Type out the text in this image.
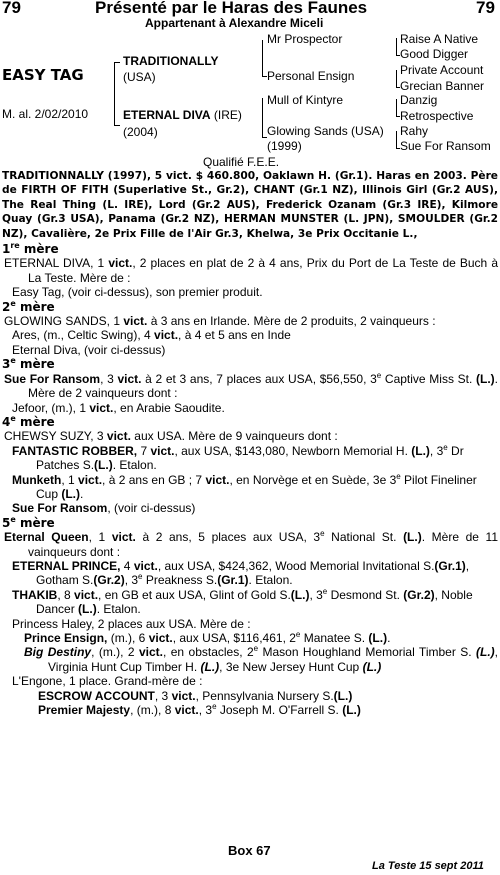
79	Présenté par le Haras des Faunes	79
Appartenant à Alexandre Miceli
EASY TAG
M. al. 2/02/2010
TRADITIONALLY
(USA)
ETERNAL DIVA (IRE)
(2004)
Mr Prospector
Personal Ensign
Mull of Kintyre
Glowing Sands (USA)
(1999)
Raise A Native
Good Digger
Private Account
Grecian Banner
Danzig
Retrospective
Rahy
Sue For Ransom
Qualifié F.E.E.

TRADITIONNALLY (1997), 5 vict. $ 460.800, Oaklawn H. (Gr.1). Haras en 2003. Père de FIRTH OF FITH (Superlative St., Gr.2), CHANT (Gr.1 NZ), Illinois Girl (Gr.2 AUS), The Real Thing (L. IRE), Lord (Gr.2 AUS), Frederick Ozanam (Gr.3 IRE), Kilmore Quay (Gr.3 USA), Panama (Gr.2 NZ), HERMAN MUNSTER (L. JPN), SMOULDER (Gr.2 NZ), Cavalière, 2e Prix Fille de l'Air Gr.3, Khelwa, 3e Prix Occitanie L.,

1re mère

ETERNAL DIVA, 1 vict., 2 places en plat de 2 à 4 ans, Prix du Port de La Teste de Buch à La Teste. Mère de :

Easy Tag, (voir ci-dessus), son premier produit.

2e mère

GLOWING SANDS, 1 vict. à 3 ans en Irlande. Mère de 2 produits, 2 vainqueurs :

Ares, (m., Celtic Swing), 4 vict., à 4 et 5 ans en Inde

Eternal Diva, (voir ci-dessus)

3e mère

Sue For Ransom, 3 vict. à 2 et 3 ans, 7 places aux USA, $56,550, 3e Captive Miss St. (L.). Mère de 2 vainqueurs dont :

Jefoor, (m.), 1 vict., en Arabie Saoudite.

4e mère

CHEWSY SUZY, 3 vict. aux USA. Mère de 9 vainqueurs dont :

FANTASTIC ROBBER, 7 vict., aux USA, $143,080, Newborn Memorial H. (L.), 3e Dr Patches S.(L.). Etalon.

Munketh, 1 vict., à 2 ans en GB ; 7 vict., en Norvège et en Suède, 3e 3e Pilot Fineliner Cup (L.).

Sue For Ransom, (voir ci-dessus)

5e mère

Eternal Queen, 1 vict. à 2 ans, 5 places aux USA, 3e National St. (L.). Mère de 11 vainqueurs dont :

ETERNAL PRINCE, 4 vict., aux USA, $424,362, Wood Memorial Invitational S.(Gr.1), Gotham S.(Gr.2), 3e Preakness S.(Gr.1). Etalon.

THAKIB, 8 vict., en GB et aux USA, Glint of Gold S.(L.), 3e Desmond St. (Gr.2), Noble Dancer (L.). Etalon.

Princess Haley, 2 places aux USA. Mère de :

Prince Ensign, (m.), 6 vict., aux USA, $116,461, 2e Manatee S. (L.).

Big Destiny, (m.), 2 vict., en obstacles, 2e Mason Houghland Memorial Timber S. (L.), Virginia Hunt Cup Timber H. (L.), 3e New Jersey Hunt Cup (L.)

L'Engone, 1 place. Grand-mère de :

ESCROW ACCOUNT, 3 vict., Pennsylvania Nursery S.(L.)

Premier Majesty, (m.), 8 vict., 3e Joseph M. O'Farrell S. (L.)

Box 67
La Teste 15 sept 2011
